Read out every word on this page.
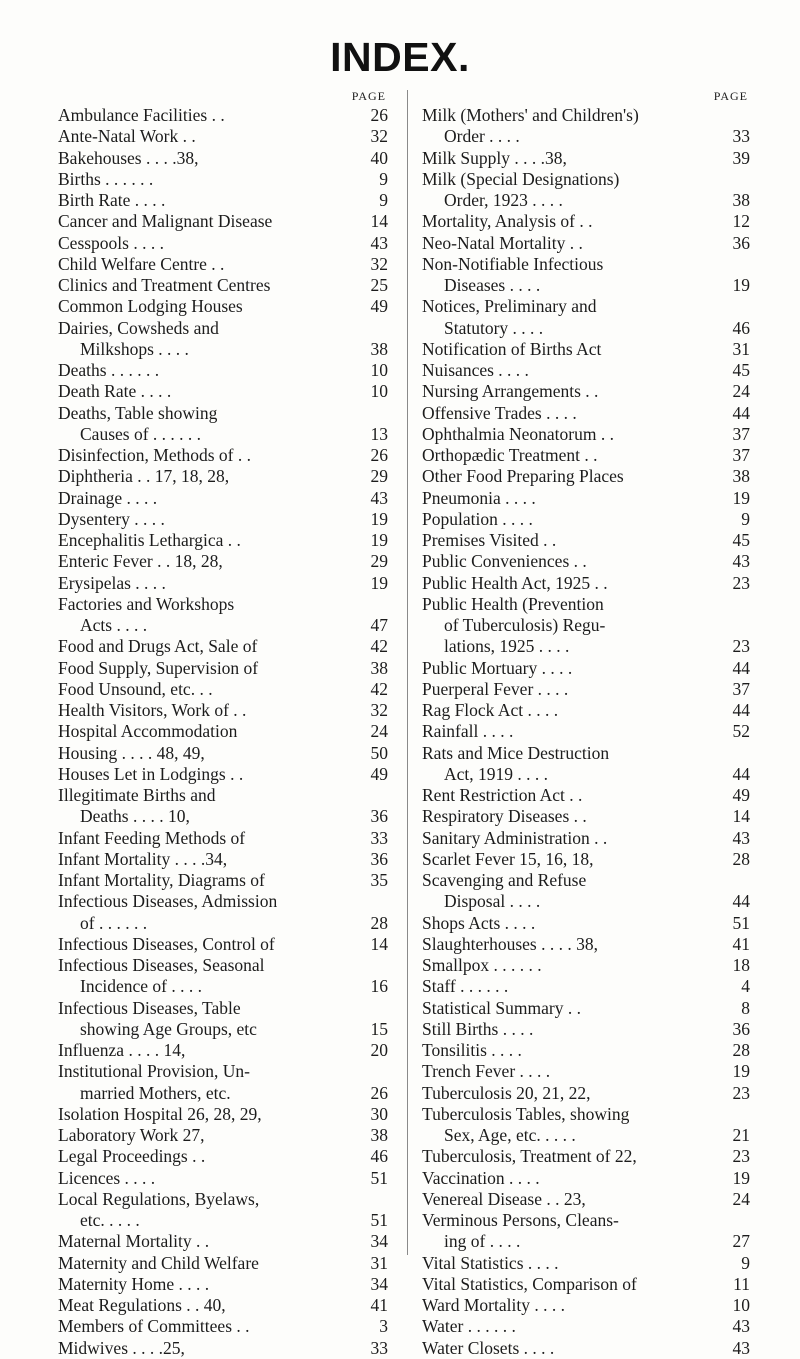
INDEX.
PAGE
Ambulance Facilities . .	26
Ante-Natal Work . .	32
Bakehouses . . . .38,	40
Births . . . . . .	9
Birth Rate . . . .	9
Cancer and Malignant Disease	14
Cesspools . . . .	43
Child Welfare Centre . .	32
Clinics and Treatment Centres	25
Common Lodging Houses	49
Dairies, Cowsheds and
Milkshops . . . .	38
Deaths . . . . . .	10
Death Rate . . . .	10
Deaths, Table showing
Causes of . . . . . .	13
Disinfection, Methods of . .	26
Diphtheria . . 17, 18, 28,	29
Drainage . . . .	43
Dysentery . . . .	19
Encephalitis Lethargica . .	19
Enteric Fever . . 18, 28,	29
Erysipelas . . . .	19
Factories and Workshops
Acts . . . .	47
Food and Drugs Act, Sale of	42
Food Supply, Supervision of	38
Food Unsound, etc. . .	42
Health Visitors, Work of . .	32
Hospital Accommodation	24
Housing . . . . 48, 49,	50
Houses Let in Lodgings . .	49
Illegitimate Births and
Deaths . . . . 10,	36
Infant Feeding Methods of	33
Infant Mortality . . . .34,	36
Infant Mortality, Diagrams of	35
Infectious Diseases, Admission
of . . . . . .	28
Infectious Diseases, Control of	14
Infectious Diseases, Seasonal
Incidence of . . . .	16
Infectious Diseases, Table
showing Age Groups, etc	15
Influenza . . . . 14,	20
Institutional Provision, Un-
married Mothers, etc.	26
Isolation Hospital 26, 28, 29,	30
Laboratory Work 27,	38
Legal Proceedings . .	46
Licences . . . .	51
Local Regulations, Byelaws,
etc. . . . .	51
Maternal Mortality . .	34
Maternity and Child Welfare	31
Maternity Home . . . .	34
Meat Regulations . . 40,	41
Members of Committees . .	3
Midwives . . . .25,	33
PAGE
Milk (Mothers' and Children's)
Order . . . .	33
Milk Supply . . . .38,	39
Milk (Special Designations)
Order, 1923 . . . .	38
Mortality, Analysis of . .	12
Neo-Natal Mortality . .	36
Non-Notifiable Infectious
Diseases . . . .	19
Notices, Preliminary and
Statutory . . . .	46
Notification of Births Act	31
Nuisances . . . .	45
Nursing Arrangements . .	24
Offensive Trades . . . .	44
Ophthalmia Neonatorum . .	37
Orthopædic Treatment . .	37
Other Food Preparing Places	38
Pneumonia . . . .	19
Population . . . .	9
Premises Visited . .	45
Public Conveniences . .	43
Public Health Act, 1925 . .	23
Public Health (Prevention
of Tuberculosis) Regu-
lations, 1925 . . . .	23
Public Mortuary . . . .	44
Puerperal Fever . . . .	37
Rag Flock Act . . . .	44
Rainfall . . . .	52
Rats and Mice Destruction
Act, 1919 . . . .	44
Rent Restriction Act . .	49
Respiratory Diseases . .	14
Sanitary Administration . .	43
Scarlet Fever 15, 16, 18,	28
Scavenging and Refuse
Disposal . . . .	44
Shops Acts . . . .	51
Slaughterhouses . . . . 38,	41
Smallpox . . . . . .	18
Staff . . . . . .	4
Statistical Summary . .	8
Still Births . . . .	36
Tonsilitis . . . .	28
Trench Fever . . . .	19
Tuberculosis 20, 21, 22,	23
Tuberculosis Tables, showing
Sex, Age, etc. . . . .	21
Tuberculosis, Treatment of 22,	23
Vaccination . . . .	19
Venereal Disease . . 23,	24
Verminous Persons, Cleans-
ing of . . . .	27
Vital Statistics . . . .	9
Vital Statistics, Comparison of	11
Ward Mortality . . . .	10
Water . . . . . .	43
Water Closets . . . .	43
